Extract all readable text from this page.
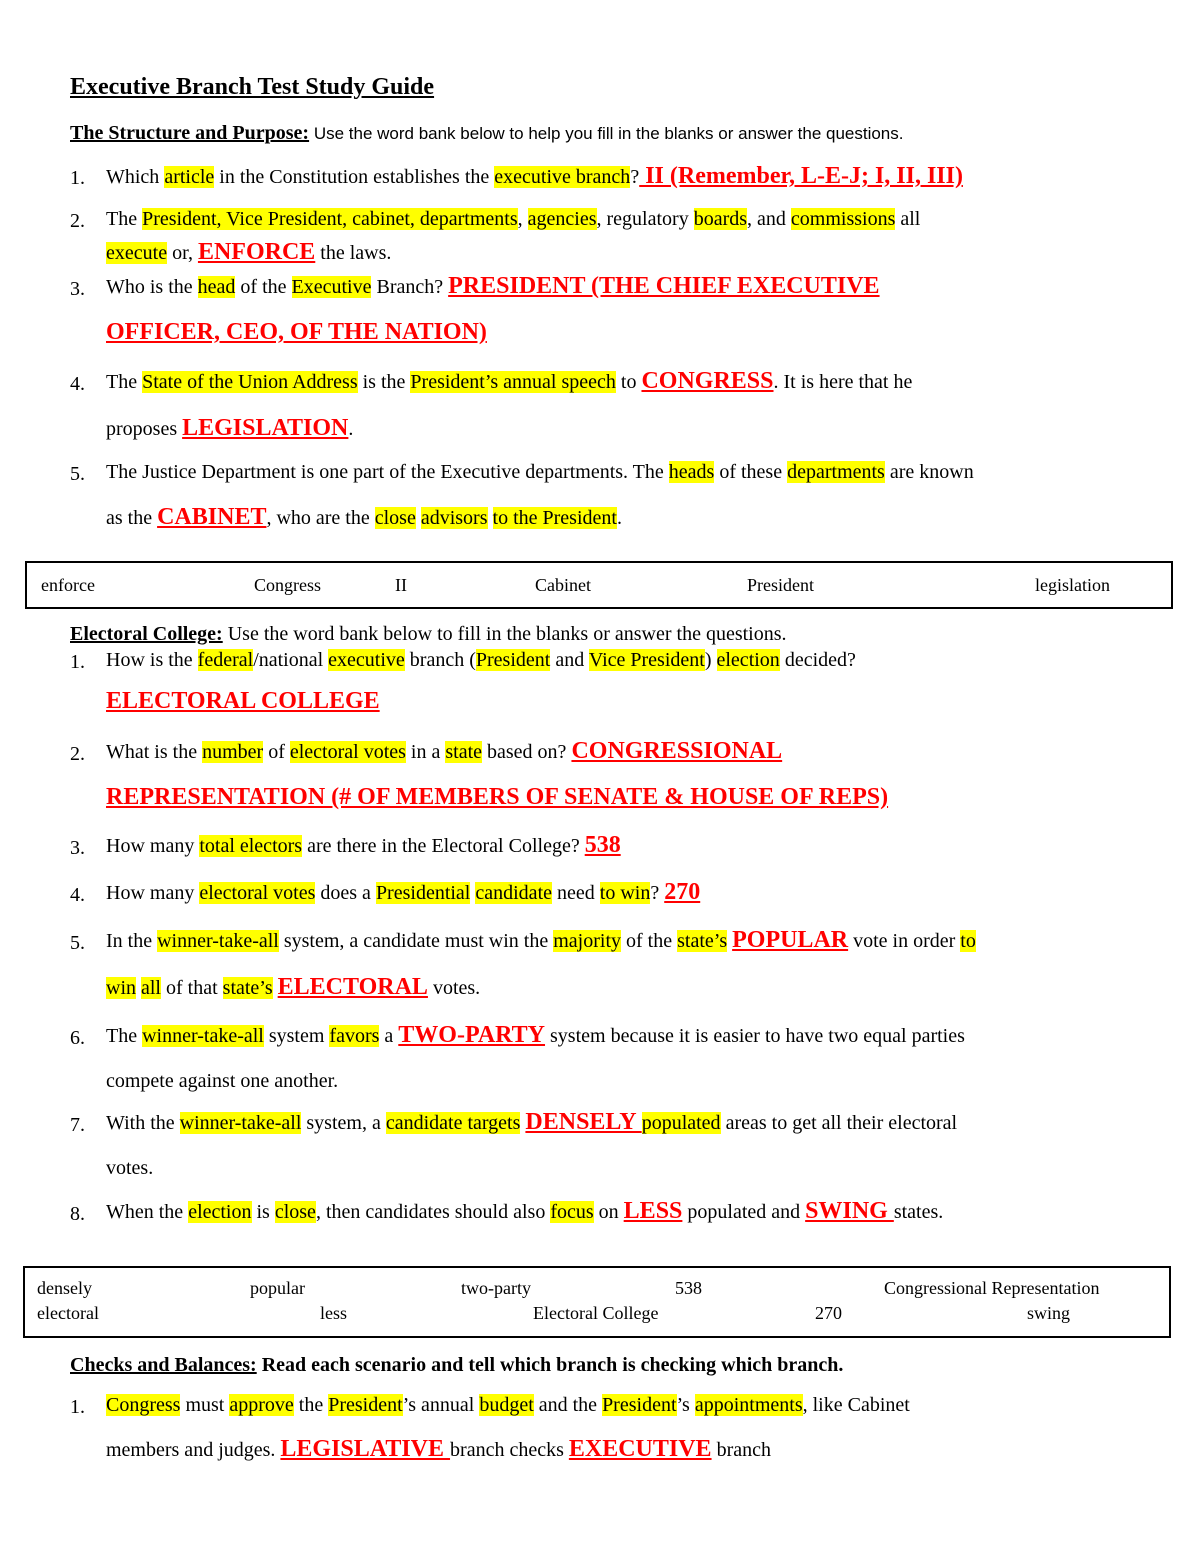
Executive Branch Test Study Guide
The Structure and Purpose: Use the word bank below to help you fill in the blanks or answer the questions.
1. Which article in the Constitution establishes the executive branch? II (Remember, L-E-J; I, II, III)
2. The President, Vice President, cabinet, departments, agencies, regulatory boards, and commissions all
execute or, ENFORCE the laws.
3. Who is the head of the Executive Branch? PRESIDENT (THE CHIEF EXECUTIVE
OFFICER, CEO, OF THE NATION)
4. The State of the Union Address is the President’s annual speech to CONGRESS. It is here that he
proposes LEGISLATION.
5. The Justice Department is one part of the Executive departments. The heads of these departments are known
as the CABINET, who are the close advisors to the President.
enforce	Congress	II	Cabinet	President	legislation
Electoral College: Use the word bank below to fill in the blanks or answer the questions.
1. How is the federal/national executive branch (President and Vice President) election decided?
ELECTORAL COLLEGE
2. What is the number of electoral votes in a state based on? CONGRESSIONAL
REPRESENTATION (# OF MEMBERS OF SENATE & HOUSE OF REPS)
3. How many total electors are there in the Electoral College? 538
4. How many electoral votes does a Presidential candidate need to win? 270
5. In the winner-take-all system, a candidate must win the majority of the state’s POPULAR vote in order to
win all of that state’s ELECTORAL votes.
6. The winner-take-all system favors a TWO-PARTY system because it is easier to have two equal parties
compete against one another.
7. With the winner-take-all system, a candidate targets DENSELY populated areas to get all their electoral
votes.
8. When the election is close, then candidates should also focus on LESS populated and SWING states.
densely	popular	two-party	538	Congressional Representation
electoral	less	Electoral College	270	swing
Checks and Balances: Read each scenario and tell which branch is checking which branch.
1. Congress must approve the President’s annual budget and the President’s appointments, like Cabinet
members and judges. LEGISLATIVE branch checks EXECUTIVE branch
